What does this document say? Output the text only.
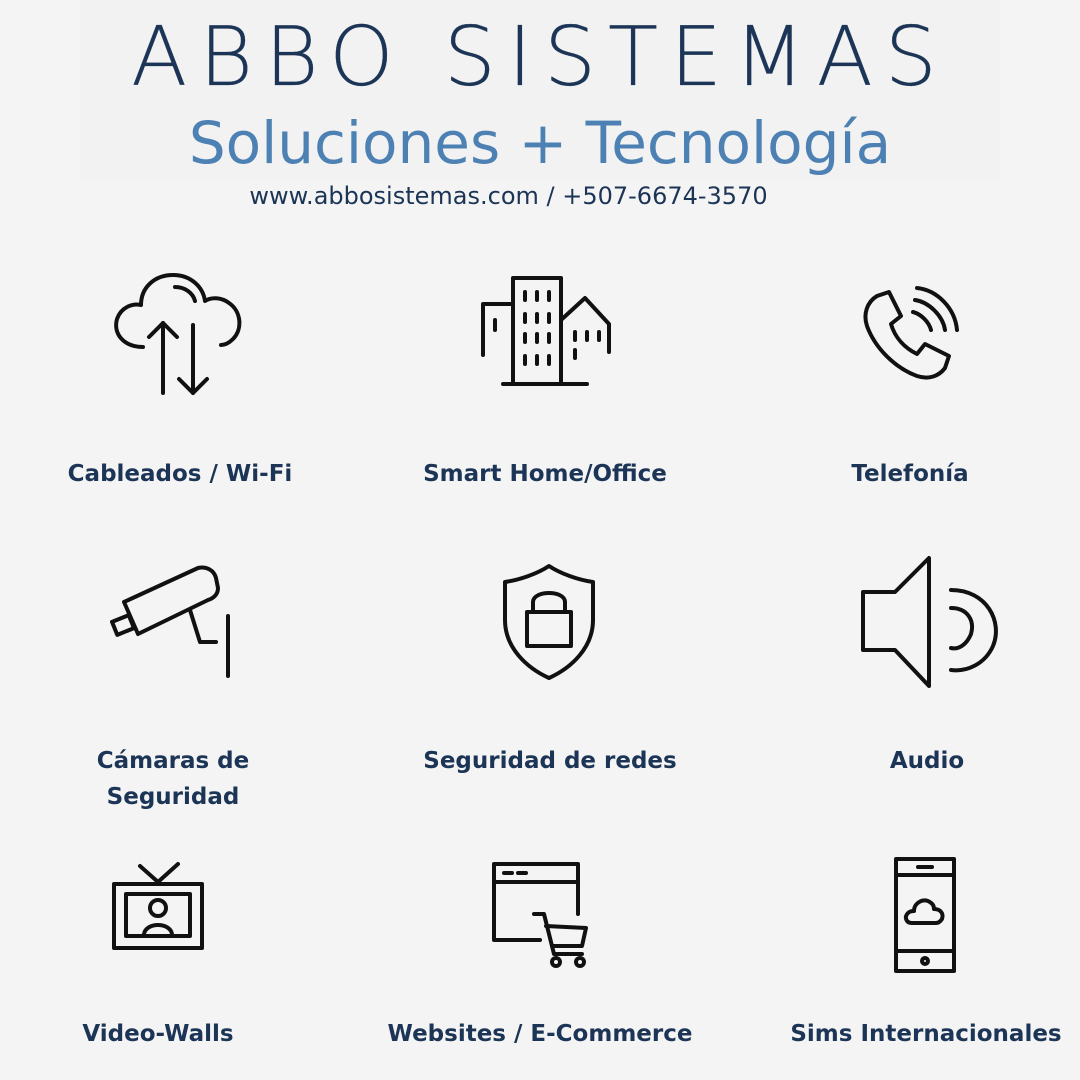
ABBO SISTEMAS
Soluciones + Tecnología
www.abbosistemas.com / +507-6674-3570
Cableados / Wi-Fi	Smart Home/Office	Telefonía
Cámaras de Seguridad
Seguridad de redes	Audio
Video-Walls	Websites / E-Commerce	Sims Internacionales
